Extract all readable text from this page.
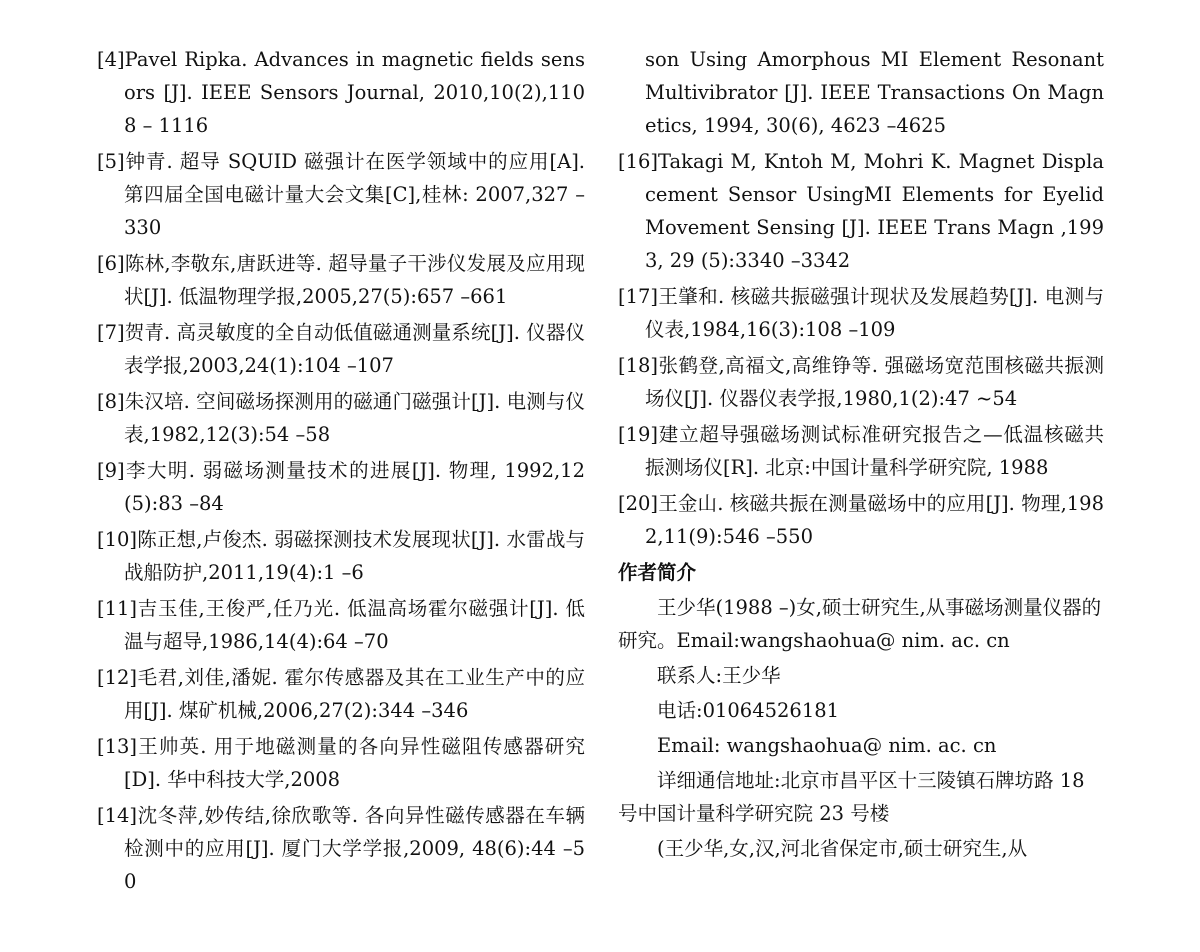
[4]Pavel Ripka. Advances in magnetic fields sensors [J]. IEEE Sensors Journal, 2010,10(2),1108 – 1116

[5]钟青. 超导 SQUID 磁强计在医学领域中的应用[A]. 第四届全国电磁计量大会文集[C],桂林: 2007,327 –330

[6]陈林,李敬东,唐跃进等. 超导量子干涉仪发展及应用现状[J]. 低温物理学报,2005,27(5):657 –661

[7]贺青. 高灵敏度的全自动低值磁通测量系统[J]. 仪器仪表学报,2003,24(1):104 –107

[8]朱汉培. 空间磁场探测用的磁通门磁强计[J]. 电测与仪表,1982,12(3):54 –58

[9]李大明. 弱磁场测量技术的进展[J]. 物理, 1992,12(5):83 –84

[10]陈正想,卢俊杰. 弱磁探测技术发展现状[J]. 水雷战与战船防护,2011,19(4):1 –6

[11]吉玉佳,王俊严,任乃光. 低温高场霍尔磁强计[J]. 低温与超导,1986,14(4):64 –70

[12]毛君,刘佳,潘妮. 霍尔传感器及其在工业生产中的应用[J]. 煤矿机械,2006,27(2):344 –346

[13]王帅英. 用于地磁测量的各向异性磁阻传感器研究[D]. 华中科技大学,2008

[14]沈冬萍,妙传结,徐欣歌等. 各向异性磁传感器在车辆检测中的应用[J]. 厦门大学学报,2009, 48(6):44 –50

son Using Amorphous MI Element Resonant Multivibrator [J]. IEEE Transactions On Magnetics, 1994, 30(6), 4623 –4625

[16]Takagi M, Kntoh M, Mohri K. Magnet Displacement Sensor UsingMI Elements for Eyelid Movement Sensing [J]. IEEE Trans Magn ,1993, 29 (5):3340 –3342

[17]王肇和. 核磁共振磁强计现状及发展趋势[J]. 电测与仪表,1984,16(3):108 –109

[18]张鹤登,高福文,高维铮等. 强磁场宽范围核磁共振测场仪[J]. 仪器仪表学报,1980,1(2):47 ~54

[19]建立超导强磁场测试标准研究报告之—低温核磁共振测场仪[R]. 北京:中国计量科学研究院, 1988

[20]王金山. 核磁共振在测量磁场中的应用[J]. 物理,1982,11(9):546 –550

作者简介

王少华(1988 –)女,硕士研究生,从事磁场测量仪器的研究。Email:wangshaohua@ nim. ac. cn

联系人:王少华
电话:01064526181
Email: wangshaohua@ nim. ac. cn

详细通信地址:北京市昌平区十三陵镇石牌坊路 18 号中国计量科学研究院 23 号楼

(王少华,女,汉,河北省保定市,硕士研究生,从
